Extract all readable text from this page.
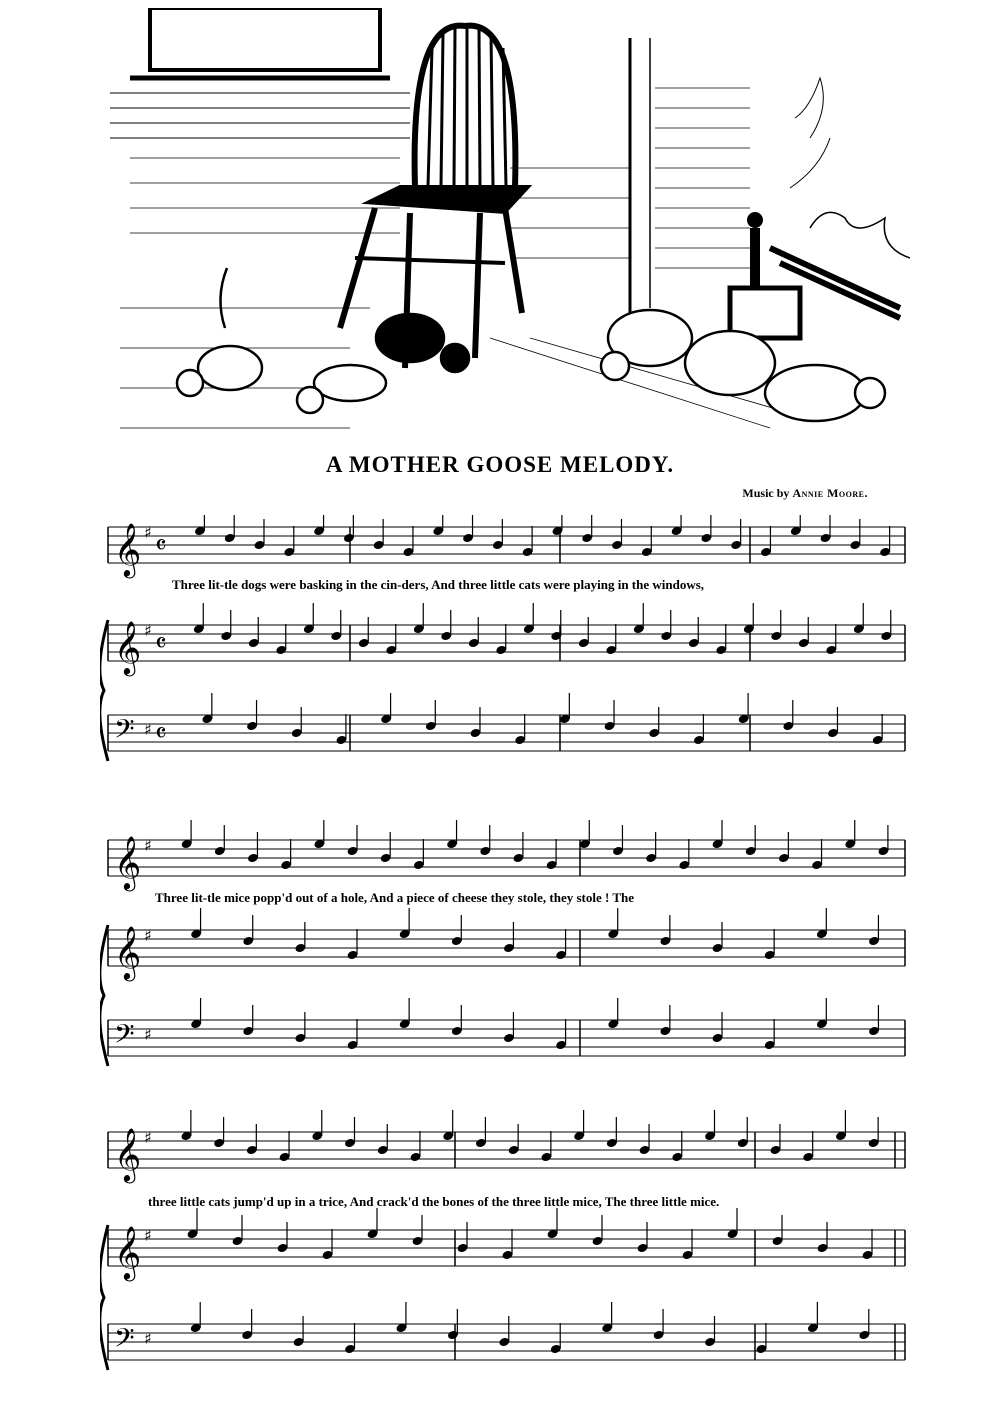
A MOTHER GOOSE MELODY.
Music by Annie Moore.
𝄞 ♯ 𝄴
𝄞 ♯ 𝄴
𝄢 ♯ 𝄴
Three lit-tle dogs were basking in the cin-ders, And three little cats were playing in the windows,
𝄞 ♯
𝄞 ♯
𝄢 ♯
Three lit-tle mice popp'd out of a hole, And a piece of cheese they stole, they stole ! The
𝄞 ♯
𝄞 ♯
𝄢 ♯
three little cats jump'd up in a trice, And crack'd the bones of the three little mice, The three little mice.
